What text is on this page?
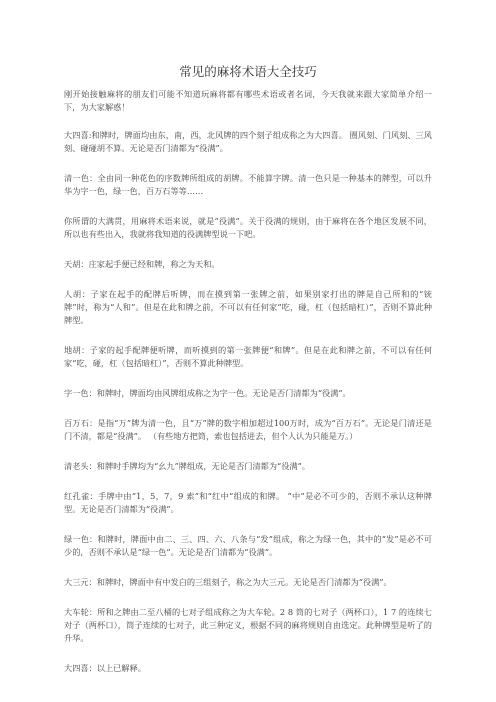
常见的麻将术语大全技巧

刚开始接触麻将的朋友们可能不知道玩麻将都有哪些术语或者名词，今天我就来跟大家简单介绍一下，为大家解惑！

大四喜:和牌时，牌面均由东，南，西，北风牌的四个刻子组成称之为大四喜。 圈风刻、门风刻、三风刻、碰碰胡不算。无论是否门清都为“役满”。

清一色：全由同一种花色的序数牌所组成的胡牌。不能算字牌。清一色只是一种基本的牌型，可以升华为字一色，绿一色，百万石等等……

你所谓的大满贯，用麻将术语来说，就是“役满”。关于役满的规则，由于麻将在各个地区发展不同，所以也有些出入，我就将我知道的役满牌型说一下吧。

天胡：庄家起手便已经和牌，称之为天和。

人胡：子家在起手的配牌后听牌，而在摸到第一张牌之前，如果别家打出的牌是自己所和的“铳牌”时，称为“人和”。但是在此和牌之前，不可以有任何家“吃，碰，杠（包括暗杠）”，否则不算此种牌型。

地胡：子家的起手配牌便听牌，而听摸到的第一张牌便“和牌”。但是在此和牌之前，不可以有任何家“吃，碰，杠（包括暗杠）”，否则不算此种牌型。

字一色：和牌时，牌面均由风牌组成称之为字一色。无论是否门清都为“役满”。

百万石：是指“万”牌为清一色，且“万”牌的数字相加超过100万时，成为“百万石”。无论是门清还是门不清，都是“役满”。 （有些地方把筒，索也包括进去，但个人认为只能是万。）

清老头：和牌时手牌均为“幺九”牌组成，无论是否门清都为“役满”。

红孔雀：手牌中由“1，5，7，9 索”和“红中”组成的和牌。 “中”是必不可少的，否则不承认这种牌型。无论是否门清都为“役满”。

绿一色：和牌时，牌面中由二、三、四、六、八条与“发”组成，称之为绿一色，其中的“发”是必不可少的，否则不承认是“绿一色”。无论是否门清都为“役满”。

大三元：和牌时，牌面中有中发白的三组刻子，称之为大三元。无论是否门清都为“役满”。

大车轮：所和之牌由二至八桶的七对子组成称之为大车轮。2 8 筒的七对子（两杯口），1 7 的连续七对子（两杯口），筒子连续的七对子，此三种定义，根据不同的麻将规则自由选定。此种牌型是听了的升华。

大四喜：以上已解释。
